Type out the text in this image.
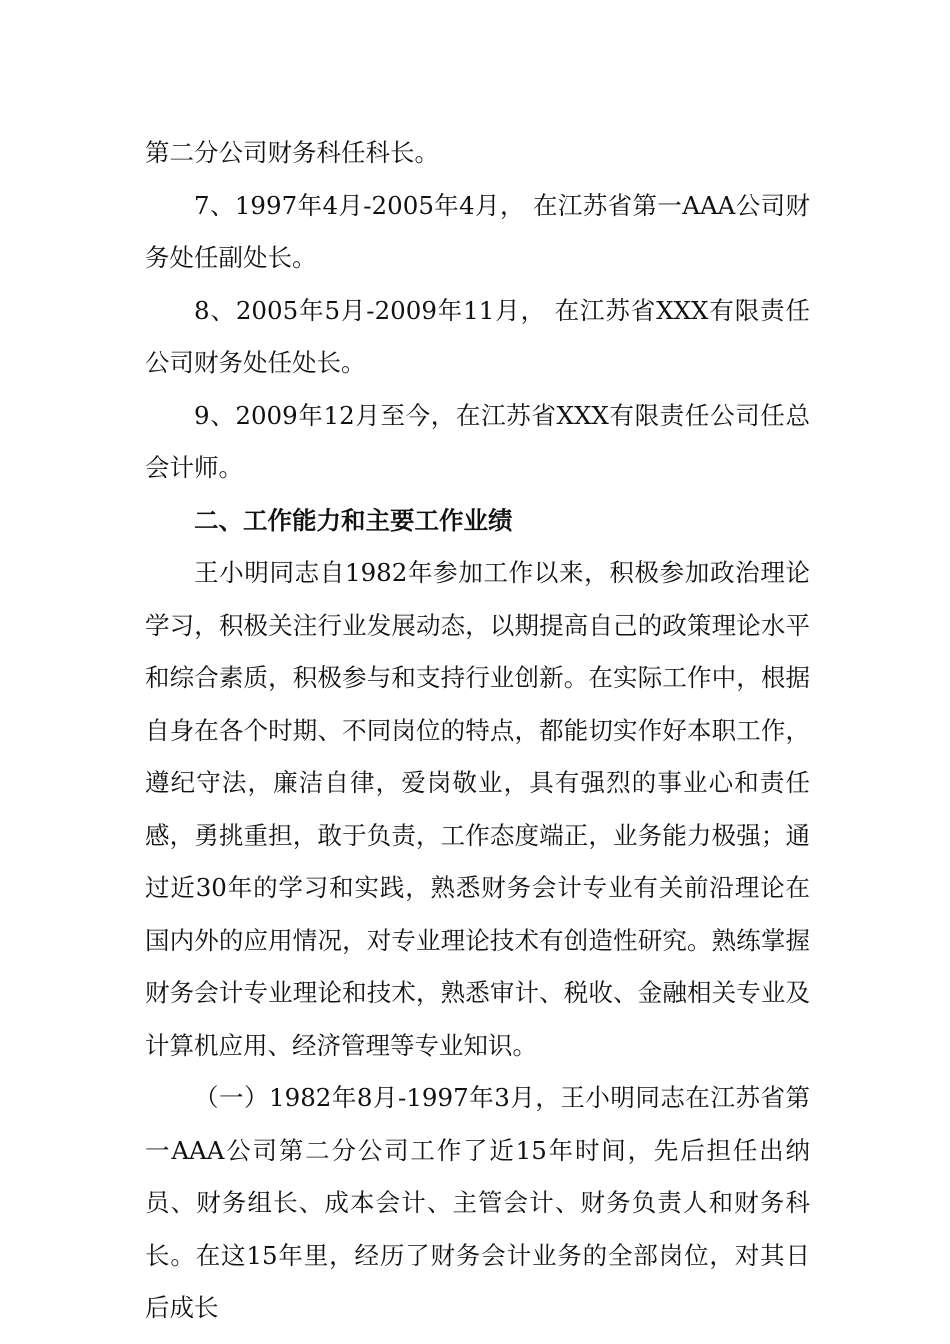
第二分公司财务科任科长。

7、1997年4月-2005年4月， 在江苏省第一AAA公司财务处任副处长。

8、2005年5月-2009年11月， 在江苏省XXX有限责任公司财务处任处长。

9、2009年12月至今，在江苏省XXX有限责任公司任总会计师。

二、工作能力和主要工作业绩

王小明同志自1982年参加工作以来，积极参加政治理论学习，积极关注行业发展动态，以期提高自己的政策理论水平和综合素质，积极参与和支持行业创新。在实际工作中，根据自身在各个时期、不同岗位的特点，都能切实作好本职工作，遵纪守法，廉洁自律，爱岗敬业，具有强烈的事业心和责任感，勇挑重担，敢于负责，工作态度端正，业务能力极强；通过近30年的学习和实践，熟悉财务会计专业有关前沿理论在国内外的应用情况，对专业理论技术有创造性研究。熟练掌握财务会计专业理论和技术，熟悉审计、税收、金融相关专业及计算机应用、经济管理等专业知识。

（一）1982年8月-1997年3月，王小明同志在江苏省第一AAA公司第二分公司工作了近15年时间，先后担任出纳员、财务组长、成本会计、主管会计、财务负责人和财务科长。在这15年里，经历了财务会计业务的全部岗位，对其日后成长
